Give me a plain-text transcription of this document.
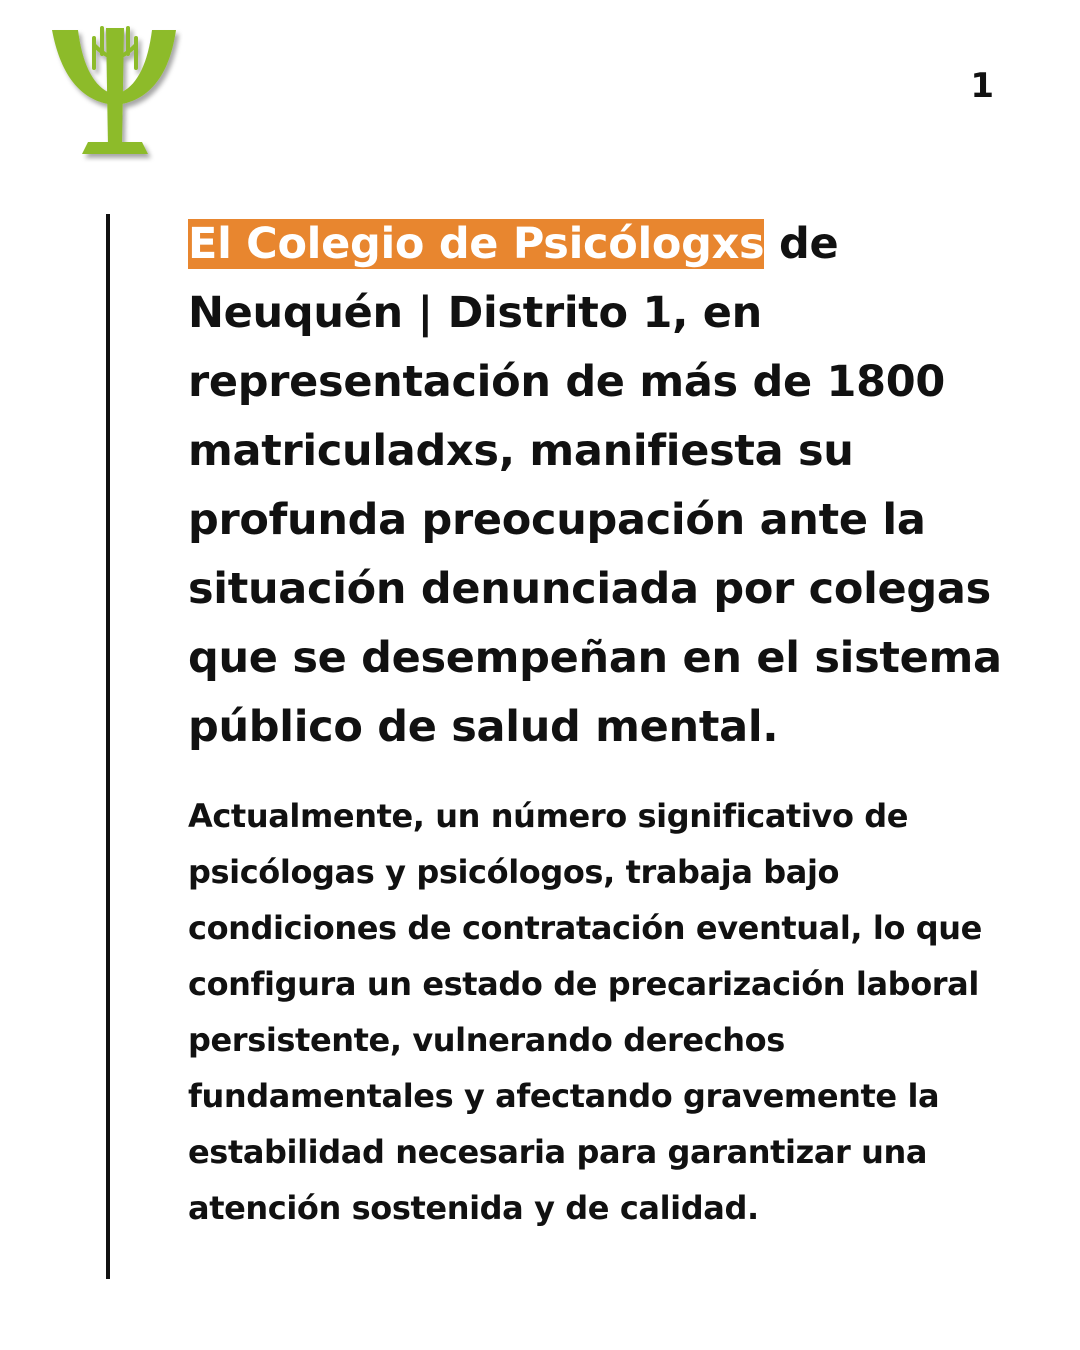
1

El Colegio de Psicólogxs de Neuquén | Distrito 1, en representación de más de 1800 matriculadxs, manifiesta su profunda preocupación ante la situación denunciada por colegas que se desempeñan en el sistema público de salud mental.

Actualmente, un número significativo de psicólogas y psicólogos, trabaja bajo condiciones de contratación eventual, lo que configura un estado de precarización laboral persistente, vulnerando derechos fundamentales y afectando gravemente la estabilidad necesaria para garantizar una atención sostenida y de calidad.
